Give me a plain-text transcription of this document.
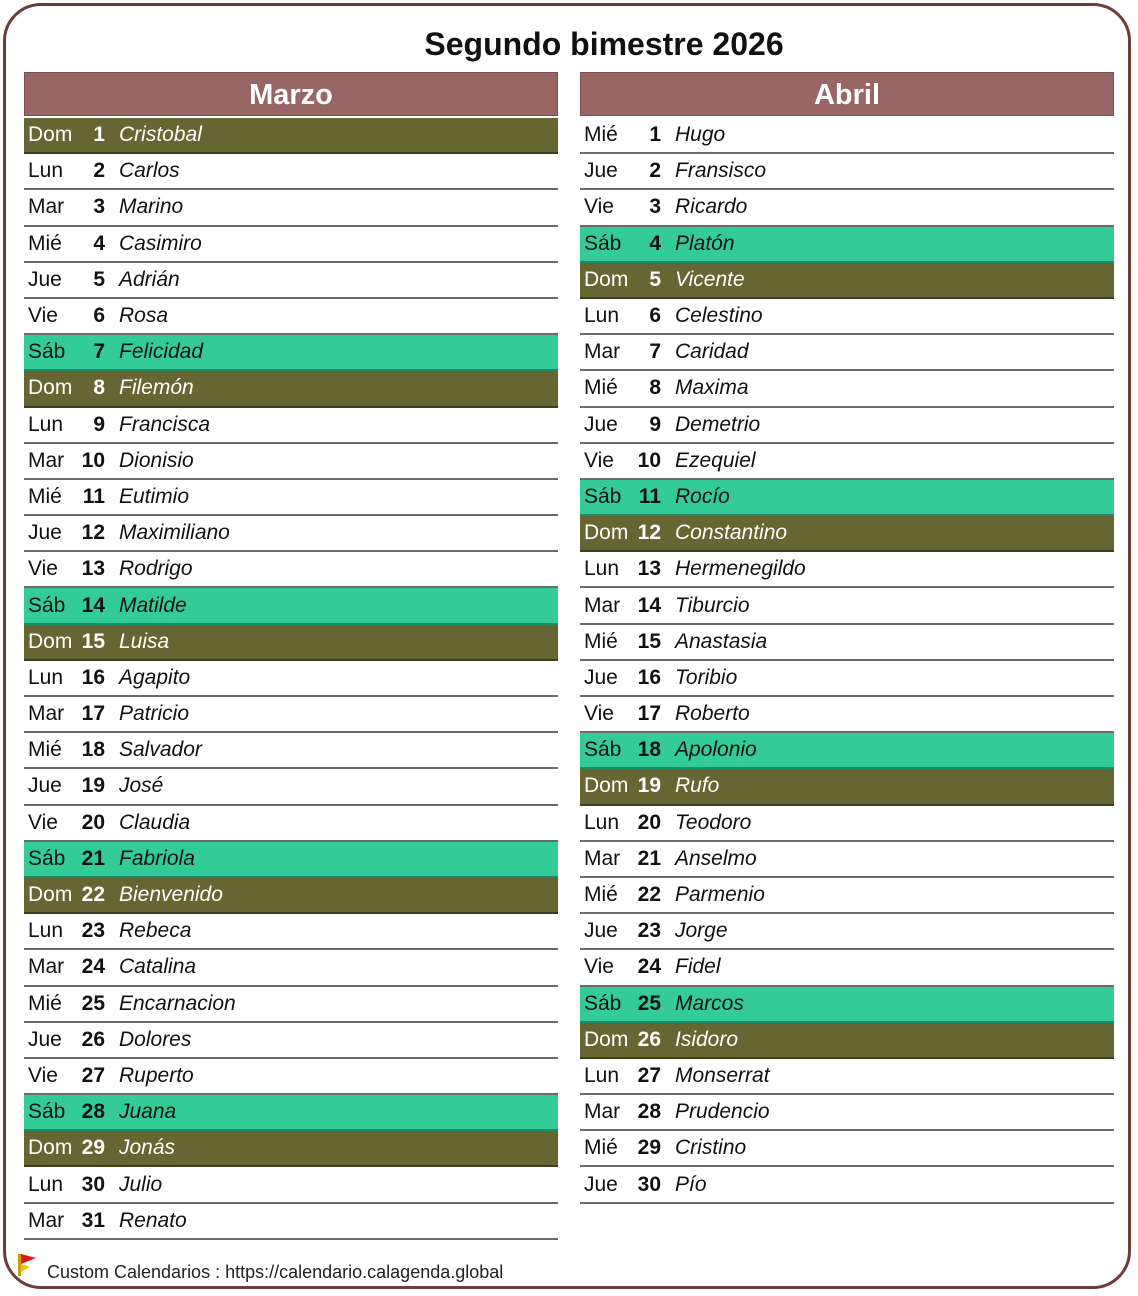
Segundo bimestre 2026
Marzo
Dom 1 Cristobal
Lun 2 Carlos
Mar 3 Marino
Mié 4 Casimiro
Jue 5 Adrián
Vie 6 Rosa
Sáb 7 Felicidad
Dom 8 Filemón
Lun 9 Francisca
Mar 10 Dionisio
Mié 11 Eutimio
Jue 12 Maximiliano
Vie 13 Rodrigo
Sáb 14 Matilde
Dom 15 Luisa
Lun 16 Agapito
Mar 17 Patricio
Mié 18 Salvador
Jue 19 José
Vie 20 Claudia
Sáb 21 Fabriola
Dom 22 Bienvenido
Lun 23 Rebeca
Mar 24 Catalina
Mié 25 Encarnacion
Jue 26 Dolores
Vie 27 Ruperto
Sáb 28 Juana
Dom 29 Jonás
Lun 30 Julio
Mar 31 Renato
Abril
Mié 1 Hugo
Jue 2 Fransisco
Vie 3 Ricardo
Sáb 4 Platón
Dom 5 Vicente
Lun 6 Celestino
Mar 7 Caridad
Mié 8 Maxima
Jue 9 Demetrio
Vie 10 Ezequiel
Sáb 11 Rocío
Dom 12 Constantino
Lun 13 Hermenegildo
Mar 14 Tiburcio
Mié 15 Anastasia
Jue 16 Toribio
Vie 17 Roberto
Sáb 18 Apolonio
Dom 19 Rufo
Lun 20 Teodoro
Mar 21 Anselmo
Mié 22 Parmenio
Jue 23 Jorge
Vie 24 Fidel
Sáb 25 Marcos
Dom 26 Isidoro
Lun 27 Monserrat
Mar 28 Prudencio
Mié 29 Cristino
Jue 30 Pío
Custom Calendarios : https://calendario.calagenda.global
